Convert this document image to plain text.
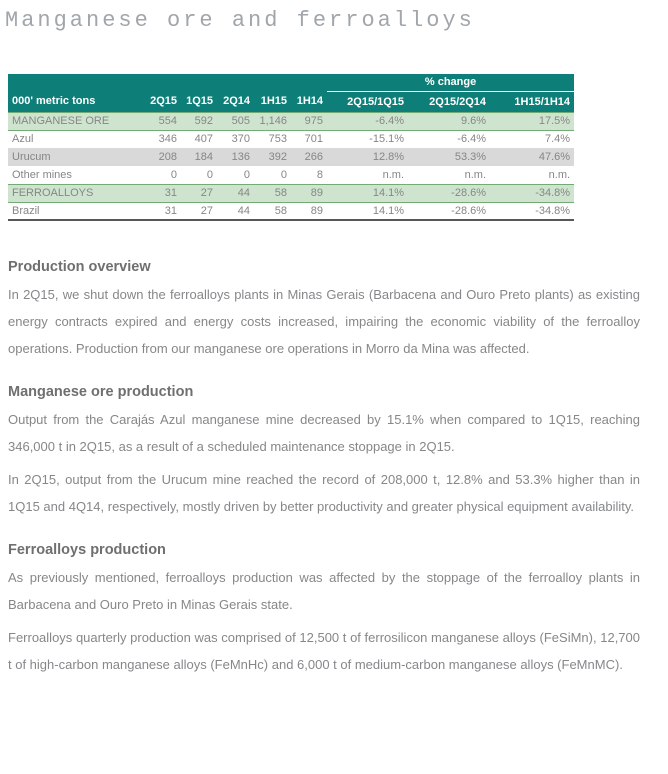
Manganese ore and ferroalloys
						% change		
000' metric tons	2Q15	1Q15	2Q14	1H15	1H14	2Q15/1Q15	2Q15/2Q14	1H15/1H14
MANGANESE ORE	554	592	505	1,146	975	-6.4%	9.6%	17.5%
Azul	346	407	370	753	701	-15.1%	-6.4%	7.4%
Urucum	208	184	136	392	266	12.8%	53.3%	47.6%
Other mines	0	0	0	0	8	n.m.	n.m.	n.m.
FERROALLOYS	31	27	44	58	89	14.1%	-28.6%	-34.8%
Brazil	31	27	44	58	89	14.1%	-28.6%	-34.8%
Production overview

In 2Q15, we shut down the ferroalloys plants in Minas Gerais (Barbacena and Ouro Preto plants) as existing energy contracts expired and energy costs increased, impairing the economic viability of the ferroalloy operations. Production from our manganese ore operations in Morro da Mina was affected.

Manganese ore production

Output from the Carajás Azul manganese mine decreased by 15.1% when compared to 1Q15, reaching 346,000 t in 2Q15, as a result of a scheduled maintenance stoppage in 2Q15.

In 2Q15, output from the Urucum mine reached the record of 208,000 t, 12.8% and 53.3% higher than in 1Q15 and 4Q14, respectively, mostly driven by better productivity and greater physical equipment availability.

Ferroalloys production

As previously mentioned, ferroalloys production was affected by the stoppage of the ferroalloy plants in Barbacena and Ouro Preto in Minas Gerais state.

Ferroalloys quarterly production was comprised of 12,500 t of ferrosilicon manganese alloys (FeSiMn), 12,700 t of high-carbon manganese alloys (FeMnHc) and 6,000 t of medium-carbon manganese alloys (FeMnMC).
